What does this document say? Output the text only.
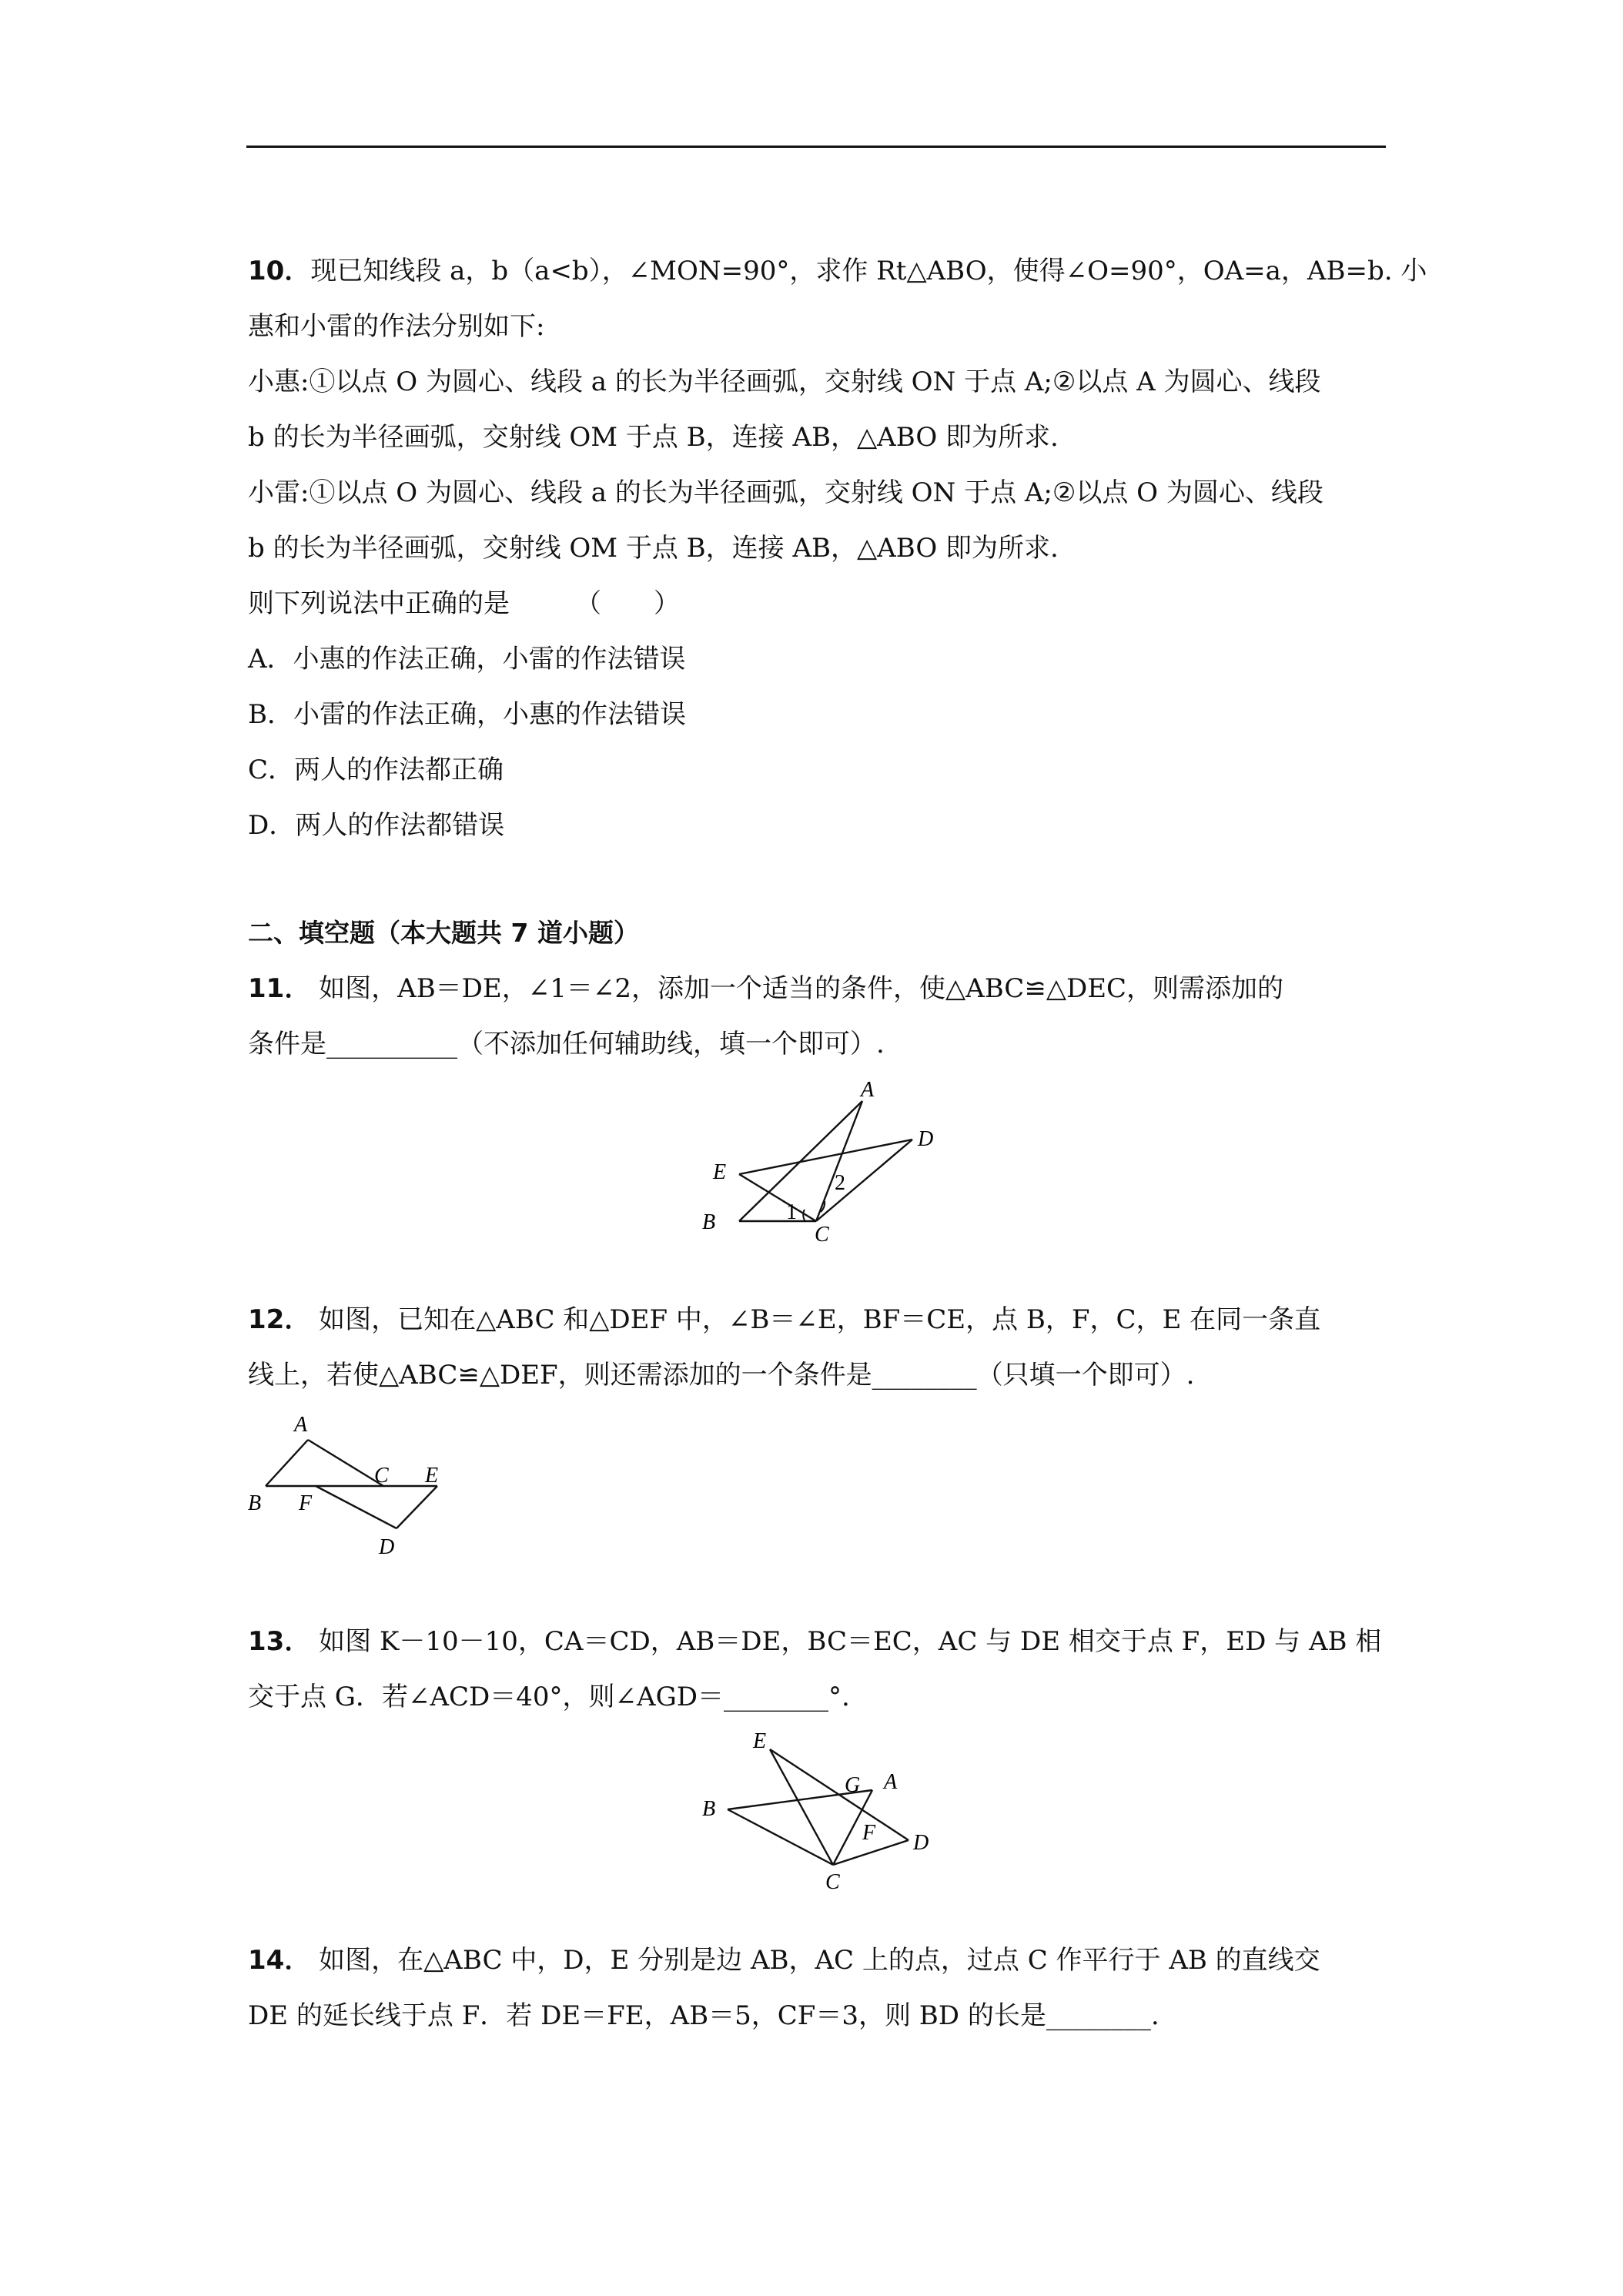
10．现已知线段 a，b（a<b），∠MON=90°，求作 Rt△ABO，使得∠O=90°，OA=a，AB=b. 小
惠和小雷的作法分别如下:
小惠:①以点 O 为圆心、线段 a 的长为半径画弧，交射线 ON 于点 A;②以点 A 为圆心、线段
b 的长为半径画弧，交射线 OM 于点 B，连接 AB，△ABO 即为所求.
小雷:①以点 O 为圆心、线段 a 的长为半径画弧，交射线 ON 于点 A;②以点 O 为圆心、线段
b 的长为半径画弧，交射线 OM 于点 B，连接 AB，△ABO 即为所求.
则下列说法中正确的是　　　（　　）
A．小惠的作法正确，小雷的作法错误
B．小雷的作法正确，小惠的作法错误
C．两人的作法都正确
D．两人的作法都错误
二、填空题（本大题共 7 道小题）
11． 如图，AB＝DE，∠1＝∠2，添加一个适当的条件，使△ABC≌△DEC，则需添加的
条件是__________（不添加任何辅助线，填一个即可）.
A
D
E
B
C
1
2
12． 如图，已知在△ABC 和△DEF 中，∠B＝∠E，BF＝CE，点 B，F，C，E 在同一条直
线上，若使△ABC≌△DEF，则还需添加的一个条件是________（只填一个即可）.
A
B F
C E
D
13． 如图 K－10－10，CA＝CD，AB＝DE，BC＝EC，AC 与 DE 相交于点 F，ED 与 AB 相
交于点 G．若∠ACD＝40°，则∠AGD＝________°.
E
G A
B
F D
C
14． 如图，在△ABC 中，D，E 分别是边 AB，AC 上的点，过点 C 作平行于 AB 的直线交
DE 的延长线于点 F．若 DE＝FE，AB＝5，CF＝3，则 BD 的长是________.
